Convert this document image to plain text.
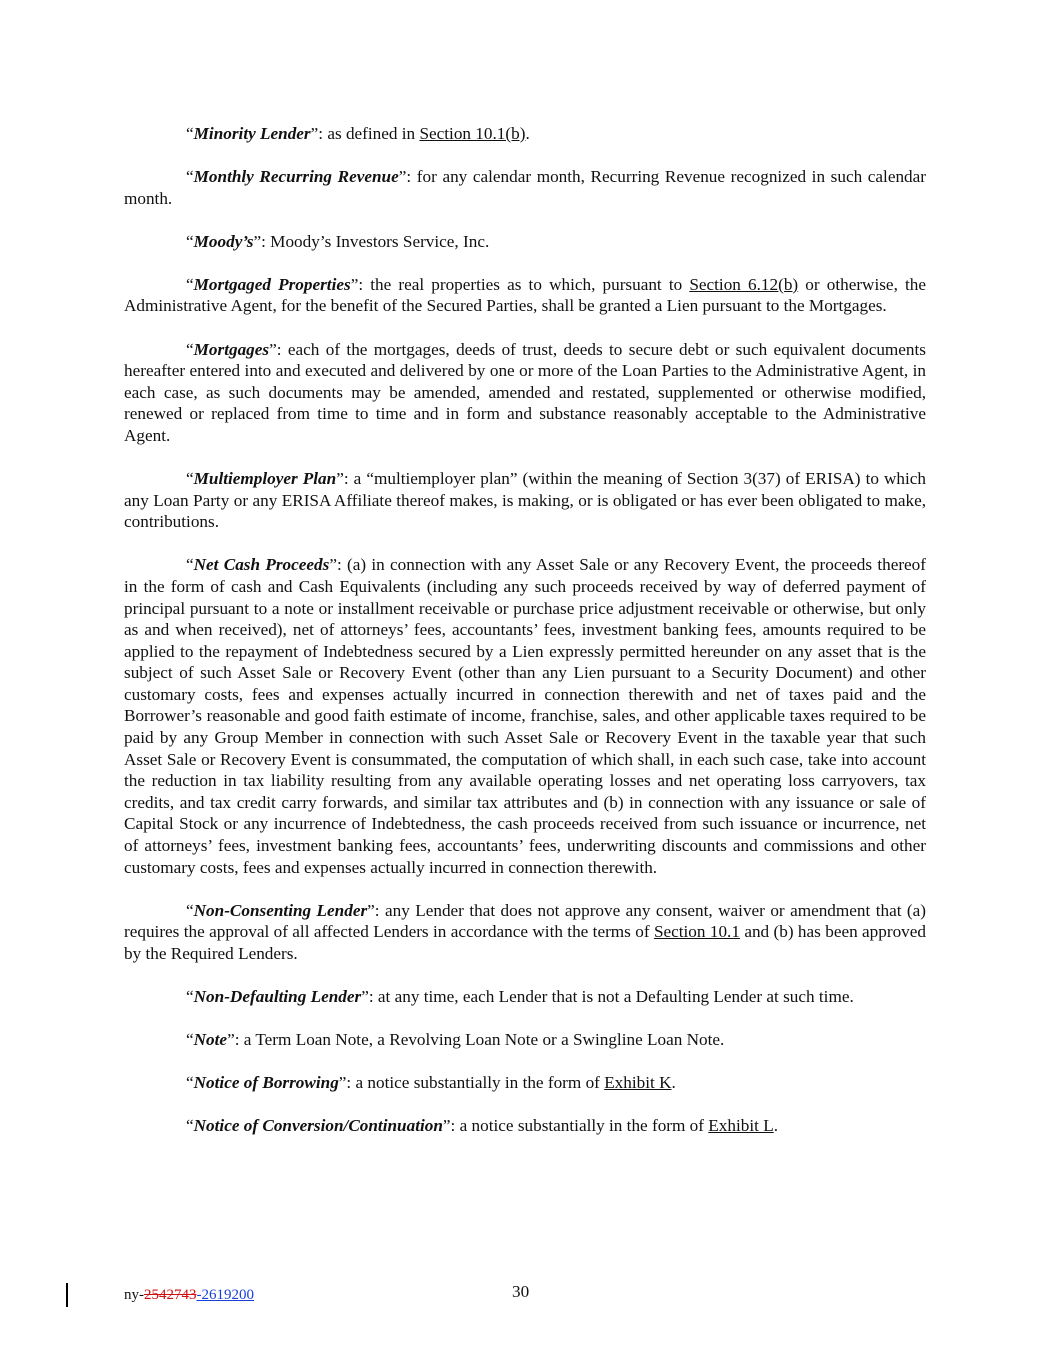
“Minority Lender”: as defined in Section 10.1(b).

“Monthly Recurring Revenue”: for any calendar month, Recurring Revenue recognized in such calendar month.

“Moody’s”: Moody’s Investors Service, Inc.

“Mortgaged Properties”: the real properties as to which, pursuant to Section 6.12(b) or otherwise, the Administrative Agent, for the benefit of the Secured Parties, shall be granted a Lien pursuant to the Mortgages.

“Mortgages”: each of the mortgages, deeds of trust, deeds to secure debt or such equivalent documents hereafter entered into and executed and delivered by one or more of the Loan Parties to the Administrative Agent, in each case, as such documents may be amended, amended and restated, supplemented or otherwise modified, renewed or replaced from time to time and in form and substance reasonably acceptable to the Administrative Agent.

“Multiemployer Plan”: a “multiemployer plan” (within the meaning of Section 3(37) of ERISA) to which any Loan Party or any ERISA Affiliate thereof makes, is making, or is obligated or has ever been obligated to make, contributions.

“Net Cash Proceeds”: (a) in connection with any Asset Sale or any Recovery Event, the proceeds thereof in the form of cash and Cash Equivalents (including any such proceeds received by way of deferred payment of principal pursuant to a note or installment receivable or purchase price adjustment receivable or otherwise, but only as and when received), net of attorneys’ fees, accountants’ fees, investment banking fees, amounts required to be applied to the repayment of Indebtedness secured by a Lien expressly permitted hereunder on any asset that is the subject of such Asset Sale or Recovery Event (other than any Lien pursuant to a Security Document) and other customary costs, fees and expenses actually incurred in connection therewith and net of taxes paid and the Borrower’s reasonable and good faith estimate of income, franchise, sales, and other applicable taxes required to be paid by any Group Member in connection with such Asset Sale or Recovery Event in the taxable year that such Asset Sale or Recovery Event is consummated, the computation of which shall, in each such case, take into account the reduction in tax liability resulting from any available operating losses and net operating loss carryovers, tax credits, and tax credit carry forwards, and similar tax attributes and (b) in connection with any issuance or sale of Capital Stock or any incurrence of Indebtedness, the cash proceeds received from such issuance or incurrence, net of attorneys’ fees, investment banking fees, accountants’ fees, underwriting discounts and commissions and other customary costs, fees and expenses actually incurred in connection therewith.

“Non-Consenting Lender”: any Lender that does not approve any consent, waiver or amendment that (a) requires the approval of all affected Lenders in accordance with the terms of Section 10.1 and (b) has been approved by the Required Lenders.

“Non-Defaulting Lender”: at any time, each Lender that is not a Defaulting Lender at such time.

“Note”: a Term Loan Note, a Revolving Loan Note or a Swingline Loan Note.

“Notice of Borrowing”: a notice substantially in the form of Exhibit K.

“Notice of Conversion/Continuation”: a notice substantially in the form of Exhibit L.

ny-2542743-2619200	30
